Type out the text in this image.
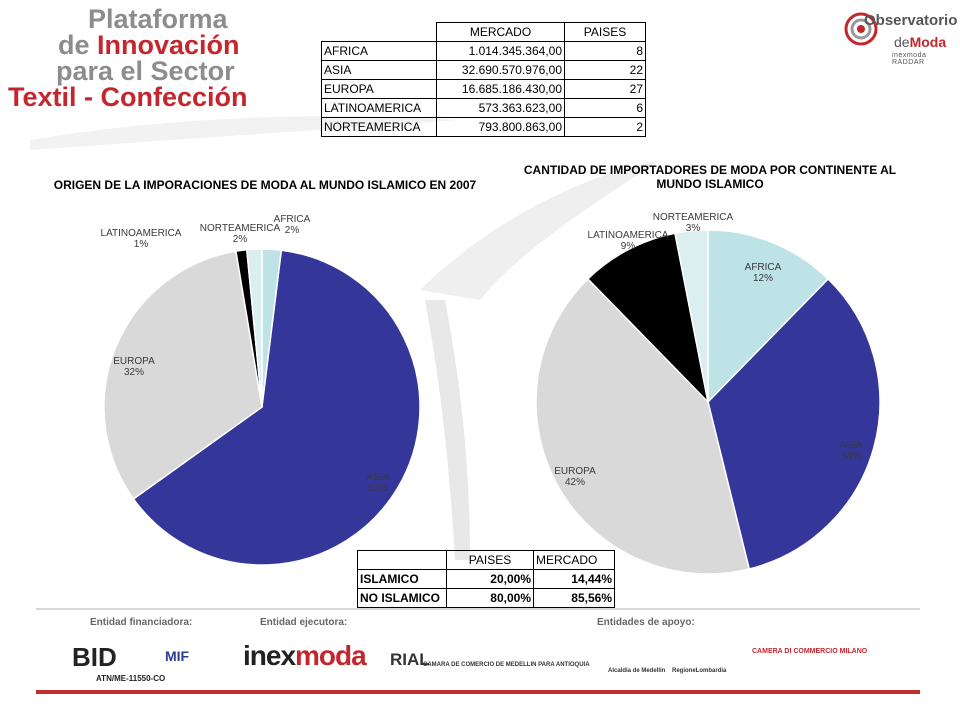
Plataforma
de Innovación
para el Sector
Textil - Confección
Observatorio
deModa
inexmoda RADDAR
	MERCADO	PAISES
AFRICA	1.014.345.364,00	8
ASIA	32.690.570.976,00	22
EUROPA	16.685.186.430,00	27
LATINOAMERICA	573.363.623,00	6
NORTEAMERICA	793.800.863,00	2
ORIGEN DE LA IMPORACIONES DE MODA AL MUNDO ISLAMICO EN 2007
CANTIDAD DE IMPORTADORES DE MODA POR CONTINENTE AL MUNDO ISLAMICO
AFRICA
2%
ASIA
63%
EUROPA
32%
LATINOAMERICA
1%
NORTEAMERICA
2%
AFRICA
12%
ASIA
34%
EUROPA
42%
LATINOAMERICA
9%
NORTEAMERICA
3%
	PAISES	MERCADO
ISLAMICO	20,00%	14,44%
NO ISLAMICO	80,00%	85,56%
Entidad financiadora:	Entidad ejecutora:	Entidades de apoyo:
BID
ATN/ME-11550-CO
MIF inexmoda RIAL
CAMARA DE COMERCIO DE MEDELLIN PARA ANTIOQUIA
Alcaldía de Medellín RegioneLombardia
CAMERA DI COMMERCIO MILANO
